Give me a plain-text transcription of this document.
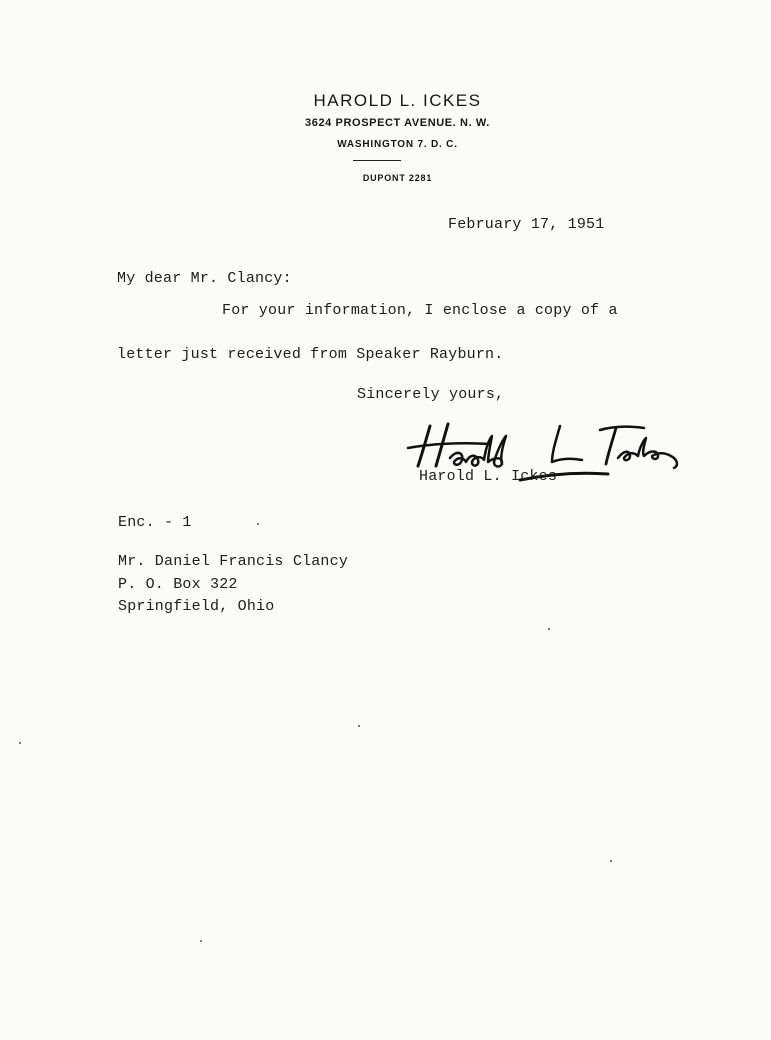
HAROLD L. ICKES
3624 PROSPECT AVENUE. N. W.
WASHINGTON 7. D. C.
DUPONT 2281
February 17, 1951
My dear Mr. Clancy:
For your information, I enclose a copy of a
letter just received from Speaker Rayburn.
Sincerely yours,
Harold L. Ickes
Enc. - 1
Mr. Daniel Francis Clancy
P. O. Box 322
Springfield, Ohio
